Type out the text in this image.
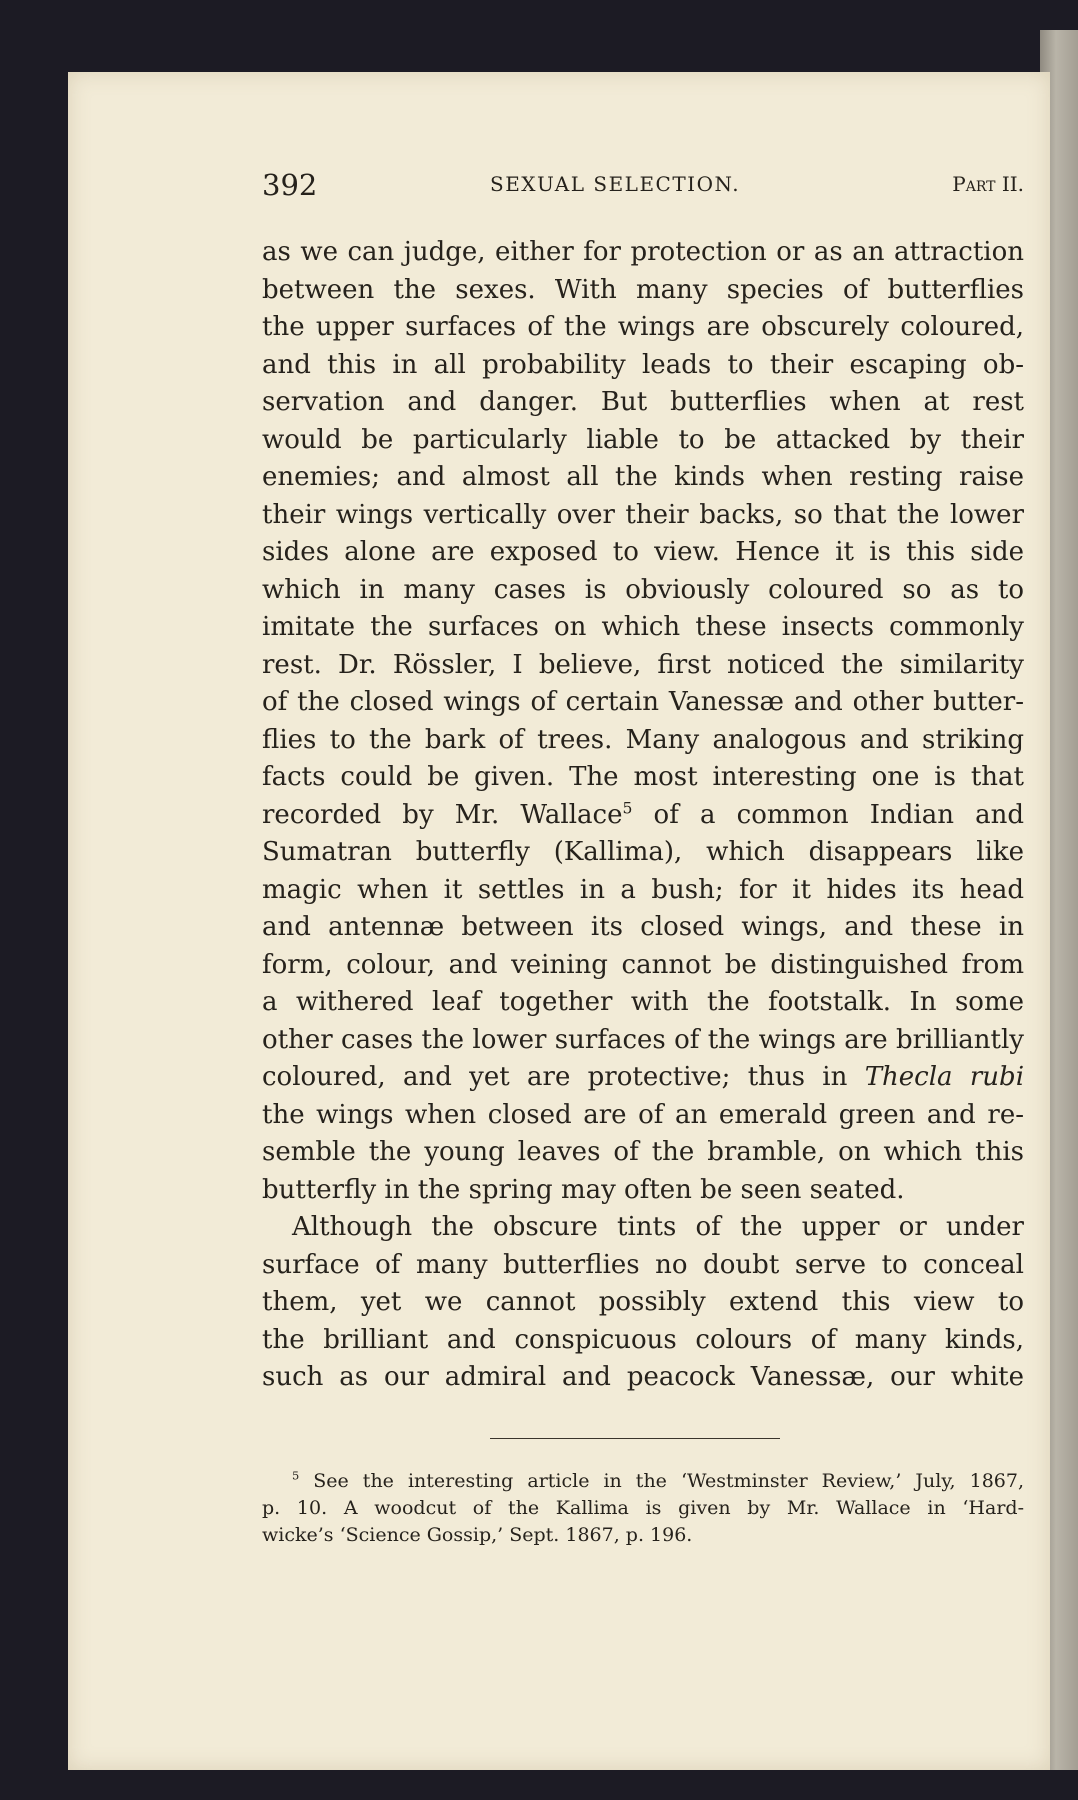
392	SEXUAL SELECTION.	Part II.
as we can judge, either for protection or as an attraction
between the sexes. With many species of butterflies
the upper surfaces of the wings are obscurely coloured,
and this in all probability leads to their escaping ob-
servation and danger. But butterflies when at rest
would be particularly liable to be attacked by their
enemies; and almost all the kinds when resting raise
their wings vertically over their backs, so that the lower
sides alone are exposed to view. Hence it is this side
which in many cases is obviously coloured so as to
imitate the surfaces on which these insects commonly
rest. Dr. Rössler, I believe, first noticed the similarity
of the closed wings of certain Vanessæ and other butter-
flies to the bark of trees. Many analogous and striking
facts could be given. The most interesting one is that
recorded by Mr. Wallace$^5$ of a common Indian and
Sumatran butterfly (Kallima), which disappears like
magic when it settles in a bush; for it hides its head
and antennæ between its closed wings, and these in
form, colour, and veining cannot be distinguished from
a withered leaf together with the footstalk. In some
other cases the lower surfaces of the wings are brilliantly
coloured, and yet are protective; thus in Thecla rubi
the wings when closed are of an emerald green and re-
semble the young leaves of the bramble, on which this
butterfly in the spring may often be seen seated.
Although the obscure tints of the upper or under
surface of many butterflies no doubt serve to conceal
them, yet we cannot possibly extend this view to
the brilliant and conspicuous colours of many kinds,
such as our admiral and peacock Vanessæ, our white
$^5$ See the interesting article in the ‘Westminster Review,’ July, 1867,
p. 10. A woodcut of the Kallima is given by Mr. Wallace in ‘Hard-
wicke’s ‘Science Gossip,’ Sept. 1867, p. 196.
